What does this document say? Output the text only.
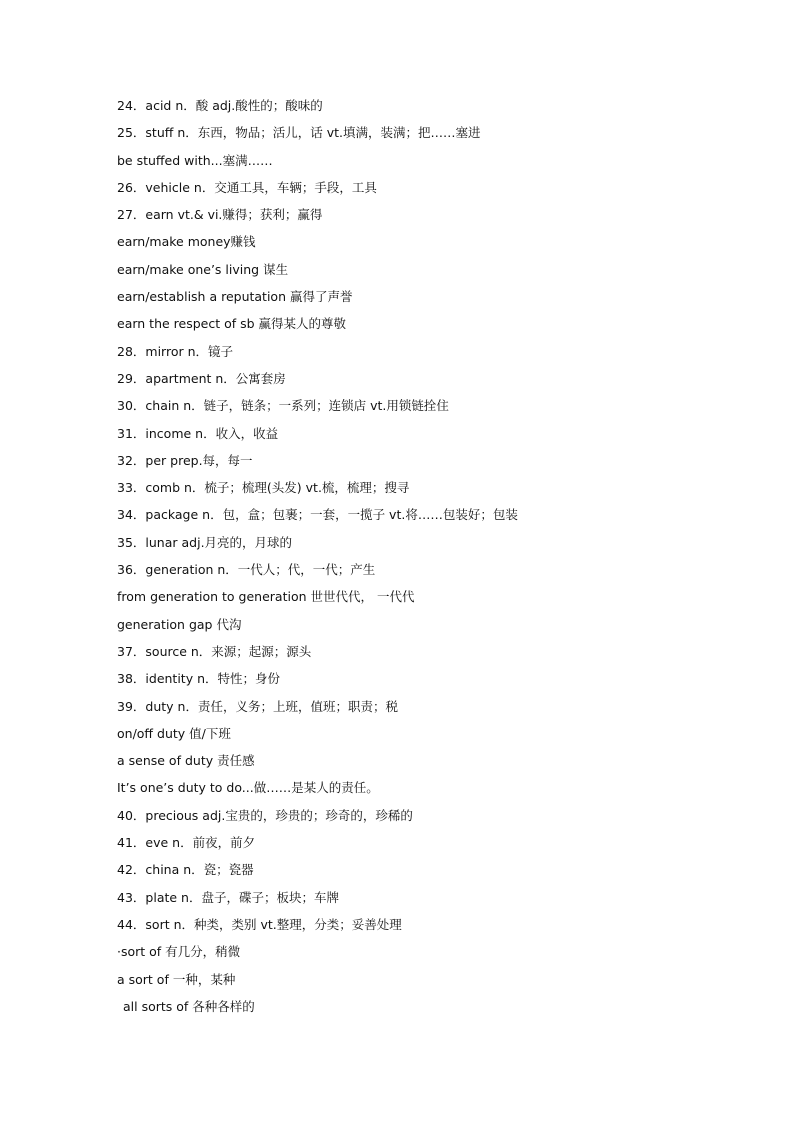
24．acid n．酸 adj.酸性的；酸味的
25．stuff n．东西，物品；活儿，话 vt.填满，装满；把……塞进
be stuffed with...塞满……
26．vehicle n．交通工具，车辆；手段，工具
27．earn vt.& vi.赚得；获利；赢得
earn/make money赚钱
earn/make one’s living 谋生
earn/establish a reputation 赢得了声誉
earn the respect of sb 赢得某人的尊敬
28．mirror n．镜子
29．apartment n．公寓套房
30．chain n．链子，链条；一系列；连锁店 vt.用锁链拴住
31．income n．收入，收益
32．per prep.每，每一
33．comb n．梳子；梳理(头发) vt.梳，梳理；搜寻
34．package n．包，盒；包裹；一套，一揽子 vt.将……包装好；包装
35．lunar adj.月亮的，月球的
36．generation n．一代人；代，一代；产生
from generation to generation 世世代代， 一代代
generation gap 代沟
37．source n．来源；起源；源头
38．identity n．特性；身份
39．duty n．责任，义务；上班，值班；职责；税
on/off duty 值/下班
a sense of duty 责任感
It’s one’s duty to do...做……是某人的责任。
40．precious adj.宝贵的，珍贵的；珍奇的，珍稀的
41．eve n．前夜，前夕
42．china n．瓷；瓷器
43．plate n．盘子，碟子；板块；车牌
44．sort n．种类，类别 vt.整理，分类；妥善处理
·sort of 有几分，稍微
a sort of 一种，某种
all sorts of 各种各样的
